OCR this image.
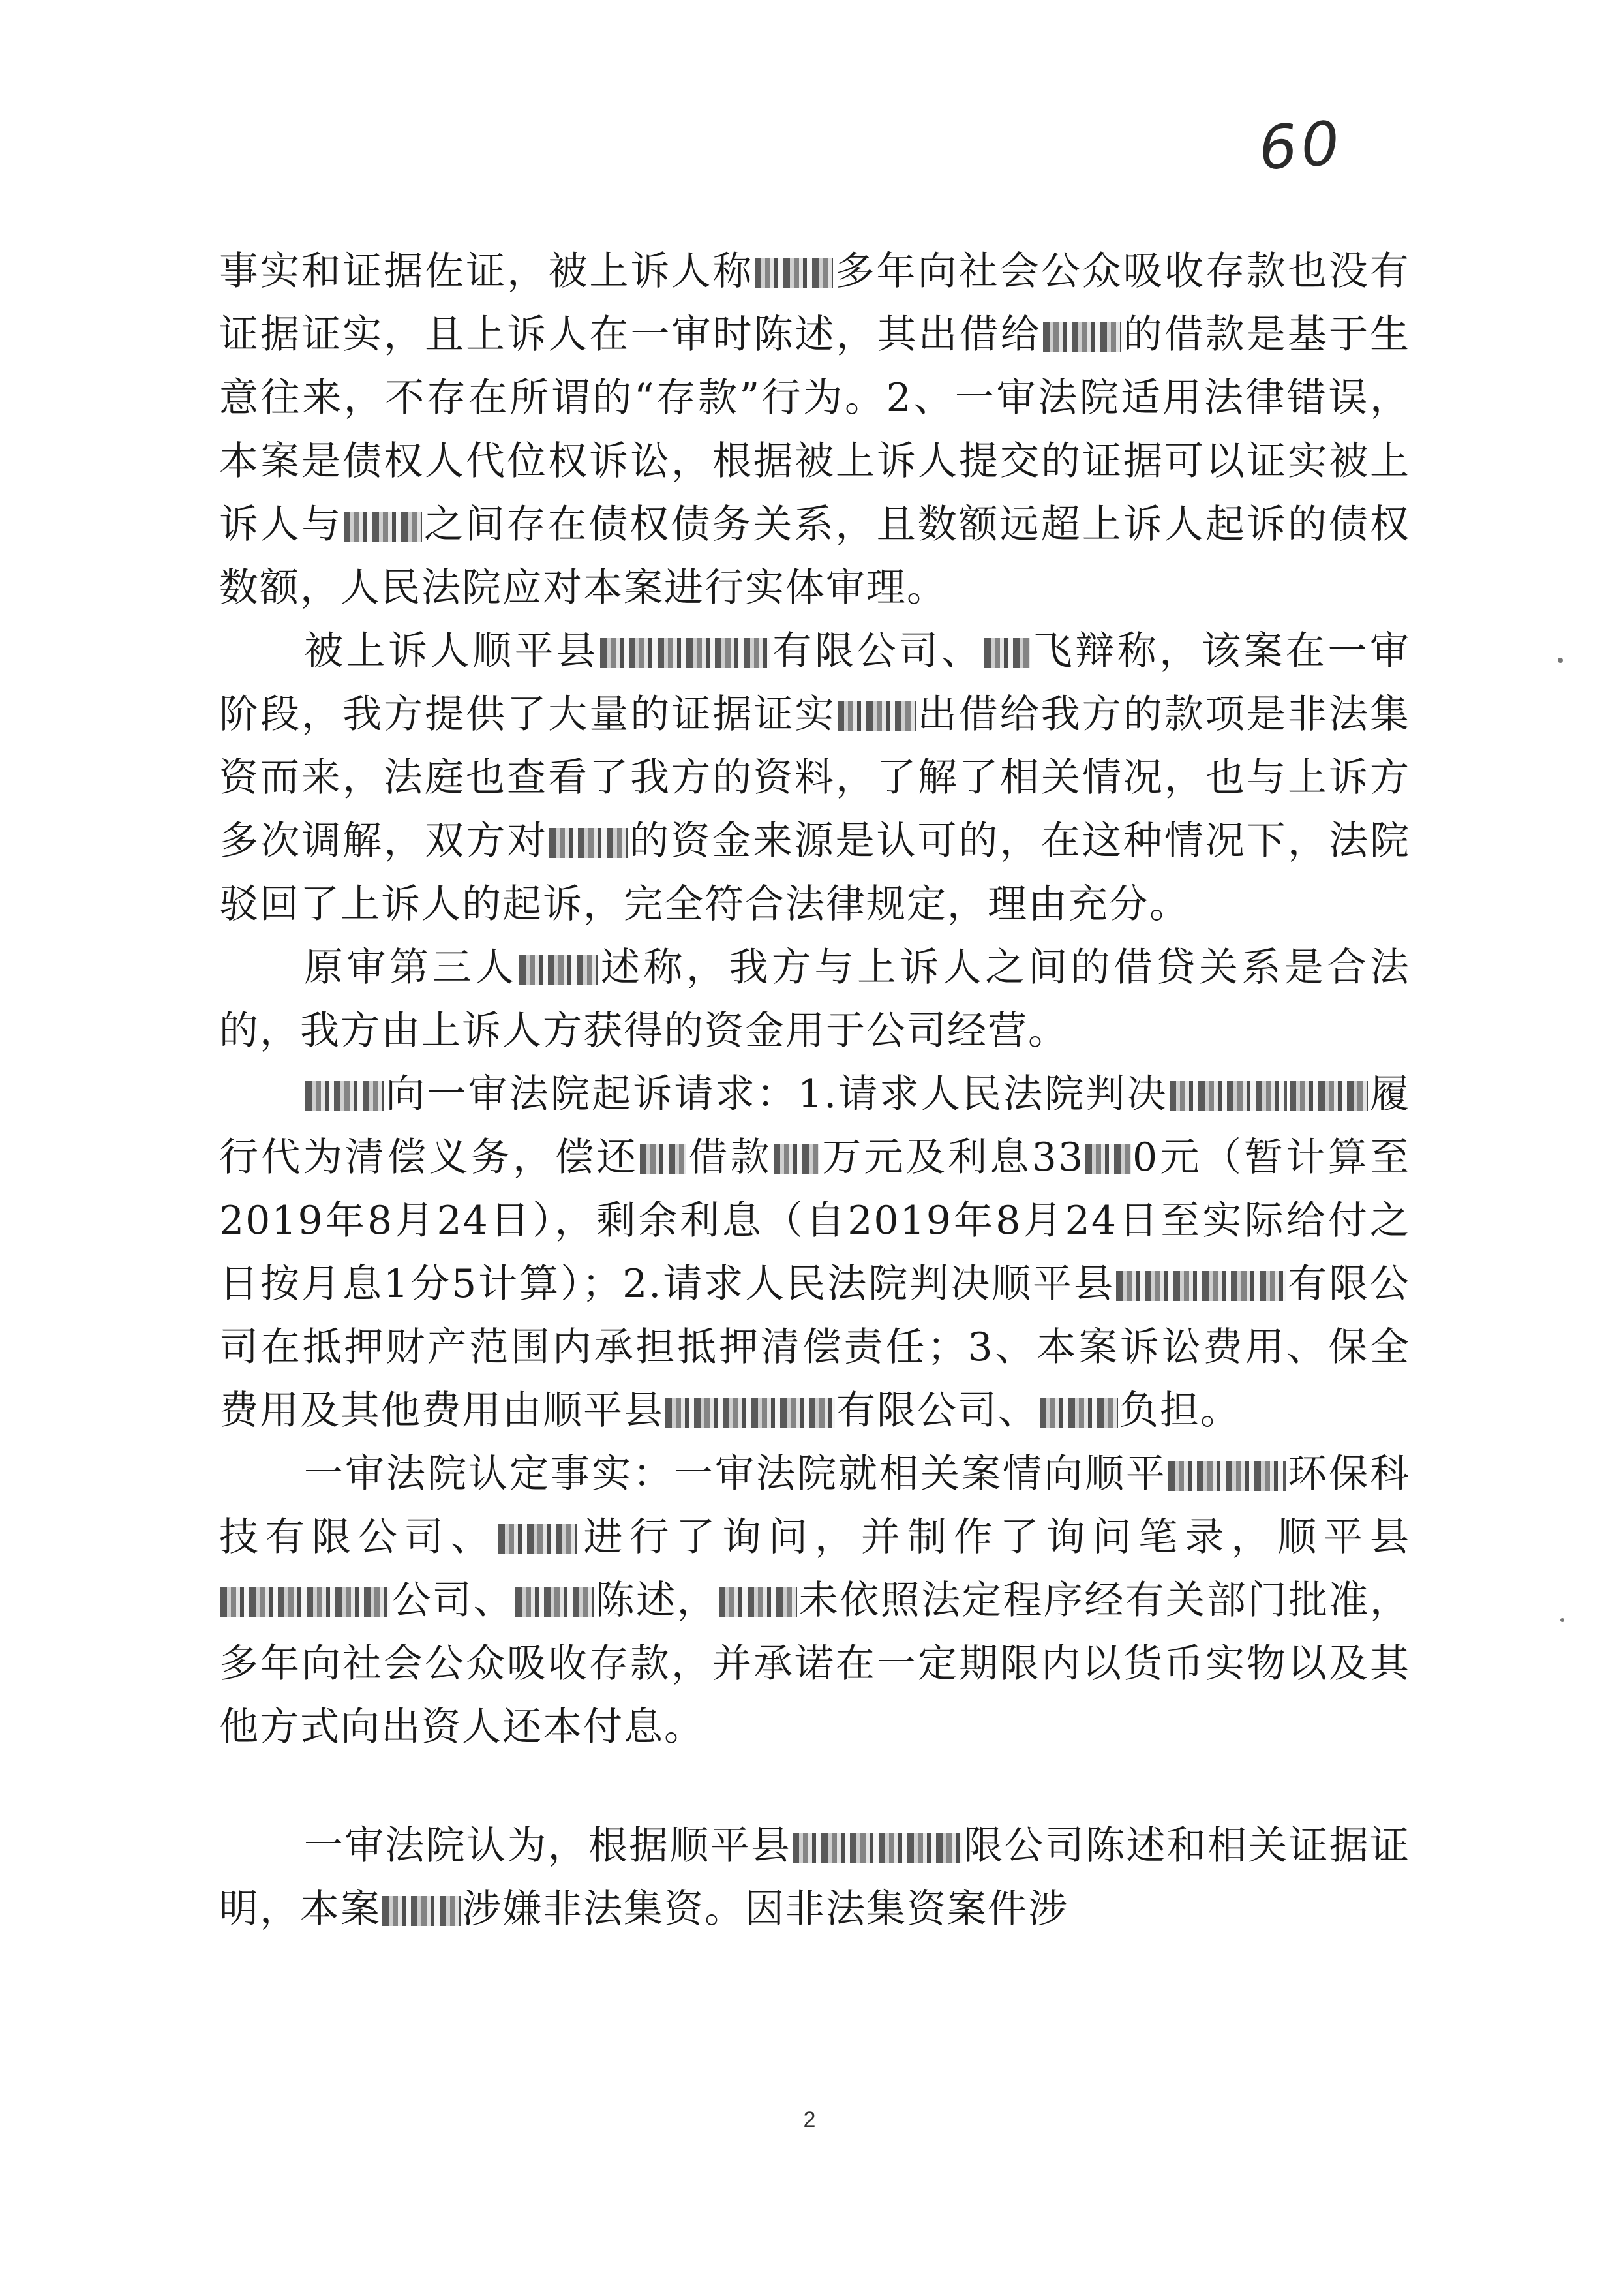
60

事实和证据佐证，被上诉人称 多年向社会公众吸收存款也没有证据证实，且上诉人在一审时陈述，其出借给 的借款是基于生意往来，不存在所谓的“存款”行为。2、一审法院适用法律错误，本案是债权人代位权诉讼，根据被上诉人提交的证据可以证实被上诉人与 之间存在债权债务关系，且数额远超上诉人起诉的债权数额，人民法院应对本案进行实体审理。

被上诉人顺平县	有限公司、 飞辩称，该案在一审阶段，我方提供了大量的证据证实 出借给我方的款项是非法集资而来，法庭也查看了我方的资料，了解了相关情况，也与上诉方多次调解，双方对 的资金来源是认可的，在这种情况下，法院驳回了上诉人的起诉，完全符合法律规定，理由充分。

原审第三人 述称，我方与上诉人之间的借贷关系是合法的，我方由上诉人方获得的资金用于公司经营。

向一审法院起诉请求：1.请求人民法院判决	履行代为清偿义务，偿还 借款 万元及利息33 0元（暂计算至2019年8月24日），剩余利息（自2019年8月24日至实际给付之日按月息1分5计算）；2.请求人民法院判决顺平县	有限公司在抵押财产范围内承担抵押清偿责任；3、本案诉讼费用、保全费用及其他费用由顺平县	有限公司、 负担。

一审法院认定事实：一审法院就相关案情向顺平	环保科技有限公司、 进行了询问，并制作了询问笔录，顺平县公司、 陈述， 未依照法定程序经有关部门批准，多年向社会公众吸收存款，并承诺在一定期限内以货币实物以及其他方式向出资人还本付息。

一审法院认为，根据顺平县	限公司陈述和相关证据证明，本案 涉嫌非法集资。因非法集资案件涉

2
